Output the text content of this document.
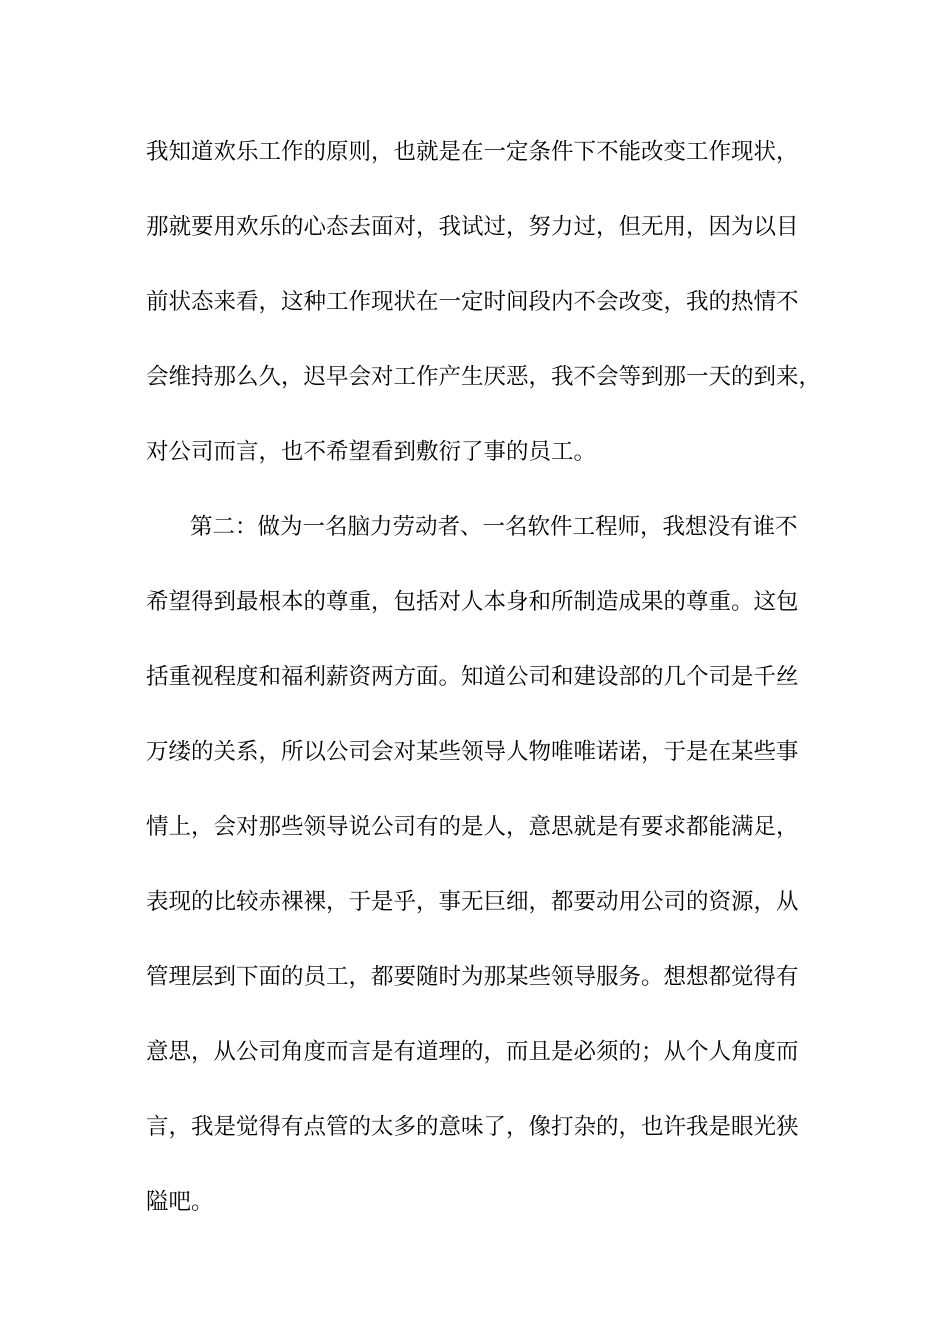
我知道欢乐工作的原则，也就是在一定条件下不能改变工作现状，
那就要用欢乐的心态去面对，我试过，努力过，但无用，因为以目
前状态来看，这种工作现状在一定时间段内不会改变，我的热情不
会维持那么久，迟早会对工作产生厌恶，我不会等到那一天的到来，
对公司而言，也不希望看到敷衍了事的员工。
第二：做为一名脑力劳动者、一名软件工程师，我想没有谁不
希望得到最根本的尊重，包括对人本身和所制造成果的尊重。这包
括重视程度和福利薪资两方面。知道公司和建设部的几个司是千丝
万缕的关系，所以公司会对某些领导人物唯唯诺诺，于是在某些事
情上，会对那些领导说公司有的是人，意思就是有要求都能满足，
表现的比较赤裸裸，于是乎，事无巨细，都要动用公司的资源，从
管理层到下面的员工，都要随时为那某些领导服务。想想都觉得有
意思，从公司角度而言是有道理的，而且是必须的；从个人角度而
言，我是觉得有点管的太多的意味了，像打杂的，也许我是眼光狭
隘吧。
